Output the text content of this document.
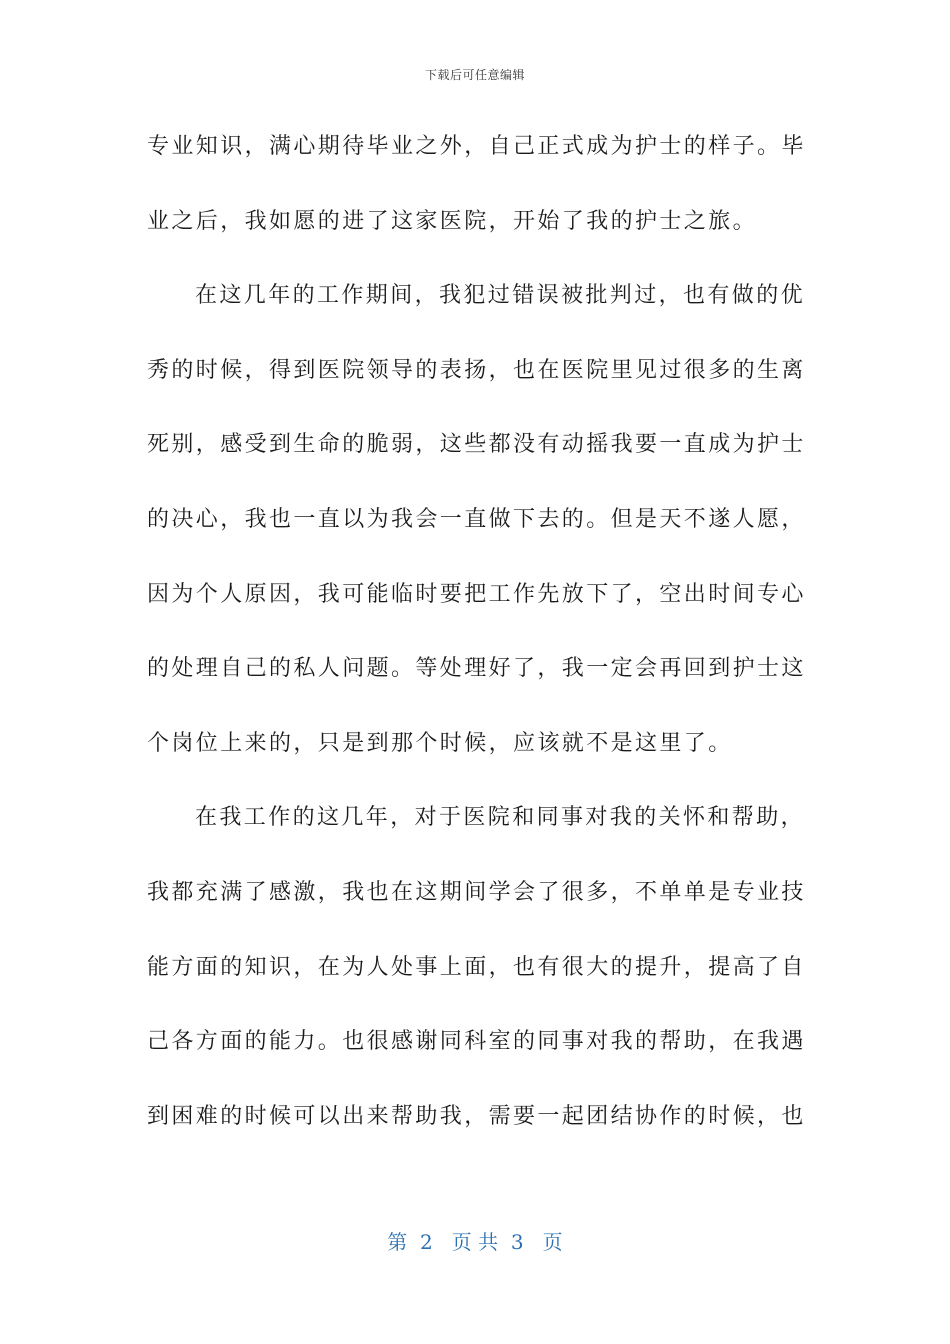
下载后可任意编辑
专业知识，满心期待毕业之外，自己正式成为护士的样子。毕
业之后，我如愿的进了这家医院，开始了我的护士之旅。
在这几年的工作期间，我犯过错误被批判过，也有做的优
秀的时候，得到医院领导的表扬，也在医院里见过很多的生离
死别，感受到生命的脆弱，这些都没有动摇我要一直成为护士
的决心，我也一直以为我会一直做下去的。但是天不遂人愿，
因为个人原因，我可能临时要把工作先放下了，空出时间专心
的处理自己的私人问题。等处理好了，我一定会再回到护士这
个岗位上来的，只是到那个时候，应该就不是这里了。
在我工作的这几年，对于医院和同事对我的关怀和帮助，
我都充满了感激，我也在这期间学会了很多，不单单是专业技
能方面的知识，在为人处事上面，也有很大的提升，提高了自
己各方面的能力。也很感谢同科室的同事对我的帮助，在我遇
到困难的时候可以出来帮助我，需要一起团结协作的时候，也
第  2   页 共  3   页
